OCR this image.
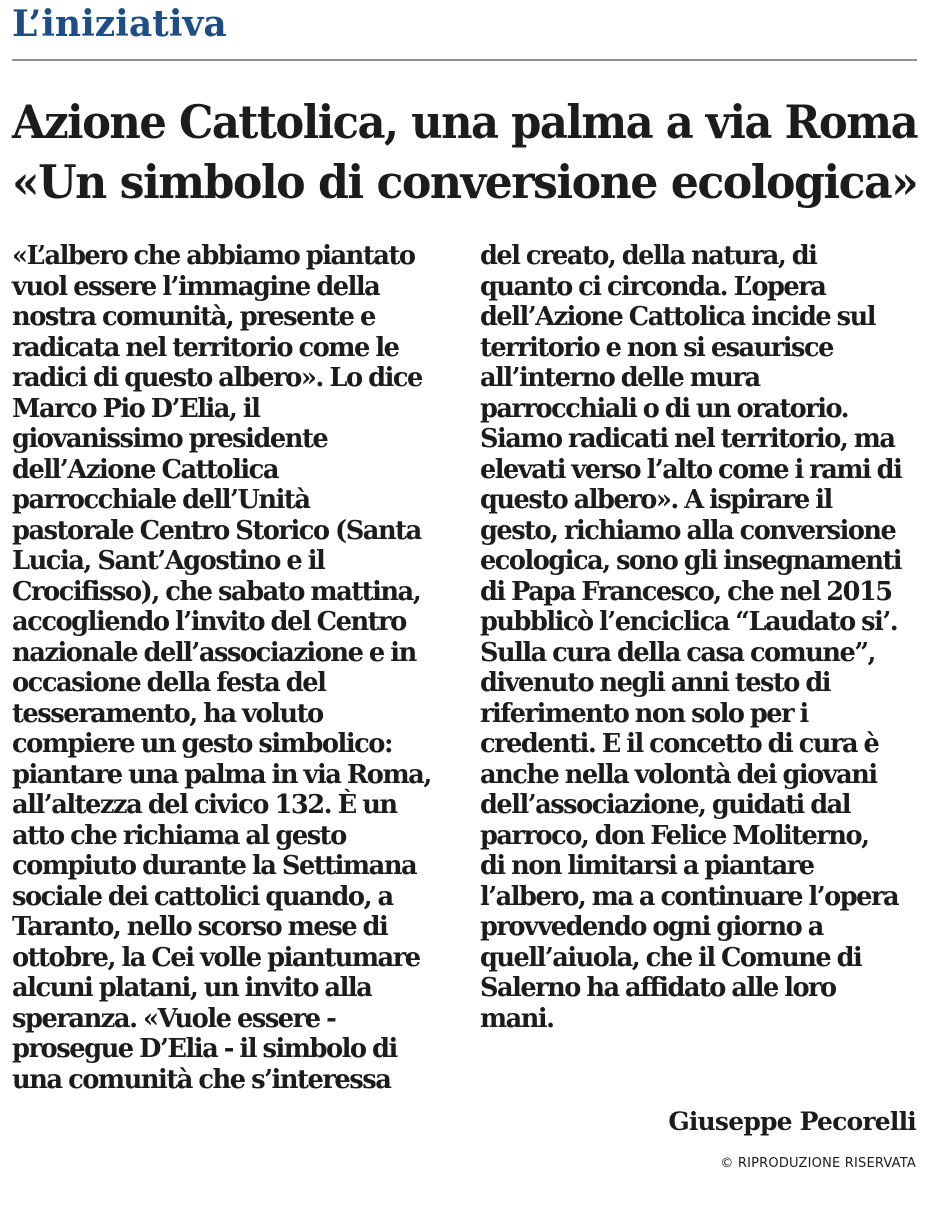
L’iniziativa
Azione Cattolica, una palma a via Roma
«Un simbolo di conversione ecologica»
«L’albero che abbiamo piantato
vuol essere l’immagine della
nostra comunità, presente e
radicata nel territorio come le
radici di questo albero». Lo dice
Marco Pio D’Elia, il
giovanissimo presidente
dell’Azione Cattolica
parrocchiale dell’Unità
pastorale Centro Storico (Santa
Lucia, Sant’Agostino e il
Crocifisso), che sabato mattina,
accogliendo l’invito del Centro
nazionale dell’associazione e in
occasione della festa del
tesseramento, ha voluto
compiere un gesto simbolico:
piantare una palma in via Roma,
all’altezza del civico 132. È un
atto che richiama al gesto
compiuto durante la Settimana
sociale dei cattolici quando, a
Taranto, nello scorso mese di
ottobre, la Cei volle piantumare
alcuni platani, un invito alla
speranza. «Vuole essere -
prosegue D’Elia - il simbolo di
una comunità che s’interessa
del creato, della natura, di
quanto ci circonda. L’opera
dell’Azione Cattolica incide sul
territorio e non si esaurisce
all’interno delle mura
parrocchiali o di un oratorio.
Siamo radicati nel territorio, ma
elevati verso l’alto come i rami di
questo albero». A ispirare il
gesto, richiamo alla conversione
ecologica, sono gli insegnamenti
di Papa Francesco, che nel 2015
pubblicò l’enciclica “Laudato si’.
Sulla cura della casa comune”,
divenuto negli anni testo di
riferimento non solo per i
credenti. E il concetto di cura è
anche nella volontà dei giovani
dell’associazione, guidati dal
parroco, don Felice Moliterno,
di non limitarsi a piantare
l’albero, ma a continuare l’opera
provvedendo ogni giorno a
quell’aiuola, che il Comune di
Salerno ha affidato alle loro
mani.
Giuseppe Pecorelli
© RIPRODUZIONE RISERVATA
